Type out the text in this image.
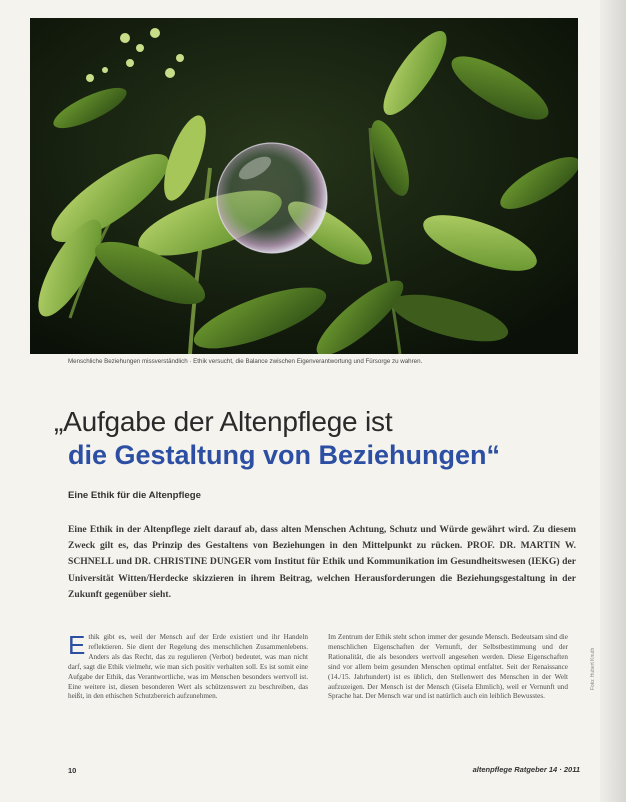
Menschliche Beziehungen missverständlich · Ethik versucht, die Balance zwischen Eigenverantwortung und Fürsorge zu wahren.
„Aufgabe der Altenpflege ist
die Gestaltung von Beziehungen“
Eine Ethik für die Altenpflege
Eine Ethik in der Altenpflege zielt darauf ab, dass alten Menschen Achtung, Schutz und Würde gewährt wird. Zu diesem Zweck gilt es, das Prinzip des Gestaltens von Beziehungen in den Mittelpunkt zu rücken. PROF. DR. MARTIN W. SCHNELL und DR. CHRISTINE DUNGER vom Institut für Ethik und Kommunikation im Gesundheitswesen (IEKG) der Universität Witten/Herdecke skizzieren in ihrem Beitrag, welchen Herausforderungen die Beziehungsgestaltung in der Zukunft gegenüber sieht.
Ethik gibt es, weil der Mensch auf der Erde existiert und ihr Handeln reflektieren. Sie dient der Regelung des menschlichen Zusammenlebens. Anders als das Recht, das zu regulieren (Verbot) bedeutet, was man nicht darf, sagt die Ethik vielmehr, wie man sich positiv verhalten soll. Es ist somit eine Aufgabe der Ethik, das Verantwortliche, was im Menschen besonders wertvoll ist. Eine weitere ist, diesen besonderen Wert als schützenswert zu beschreiben, das heißt, in den ethischen Schutzbereich aufzunehmen.
Im Zentrum der Ethik steht schon immer der gesunde Mensch. Bedeutsam sind die menschlichen Eigenschaften der Vernunft, der Selbstbestimmung und der Rationalität, die als besonders wertvoll angesehen werden. Diese Eigenschaften sind vor allem beim gesunden Menschen optimal entfaltet. Seit der Renaissance (14./15. Jahrhundert) ist es üblich, den Stellenwert des Menschen in der Welt aufzuzeigen. Der Mensch ist der Mensch (Gisela Ehmlich), weil er Vernunft und Sprache hat. Der Mensch war und ist natürlich auch ein leiblich Bewusstes.
Foto: Hubert Knuth
10	altenpflege Ratgeber 14 · 2011
